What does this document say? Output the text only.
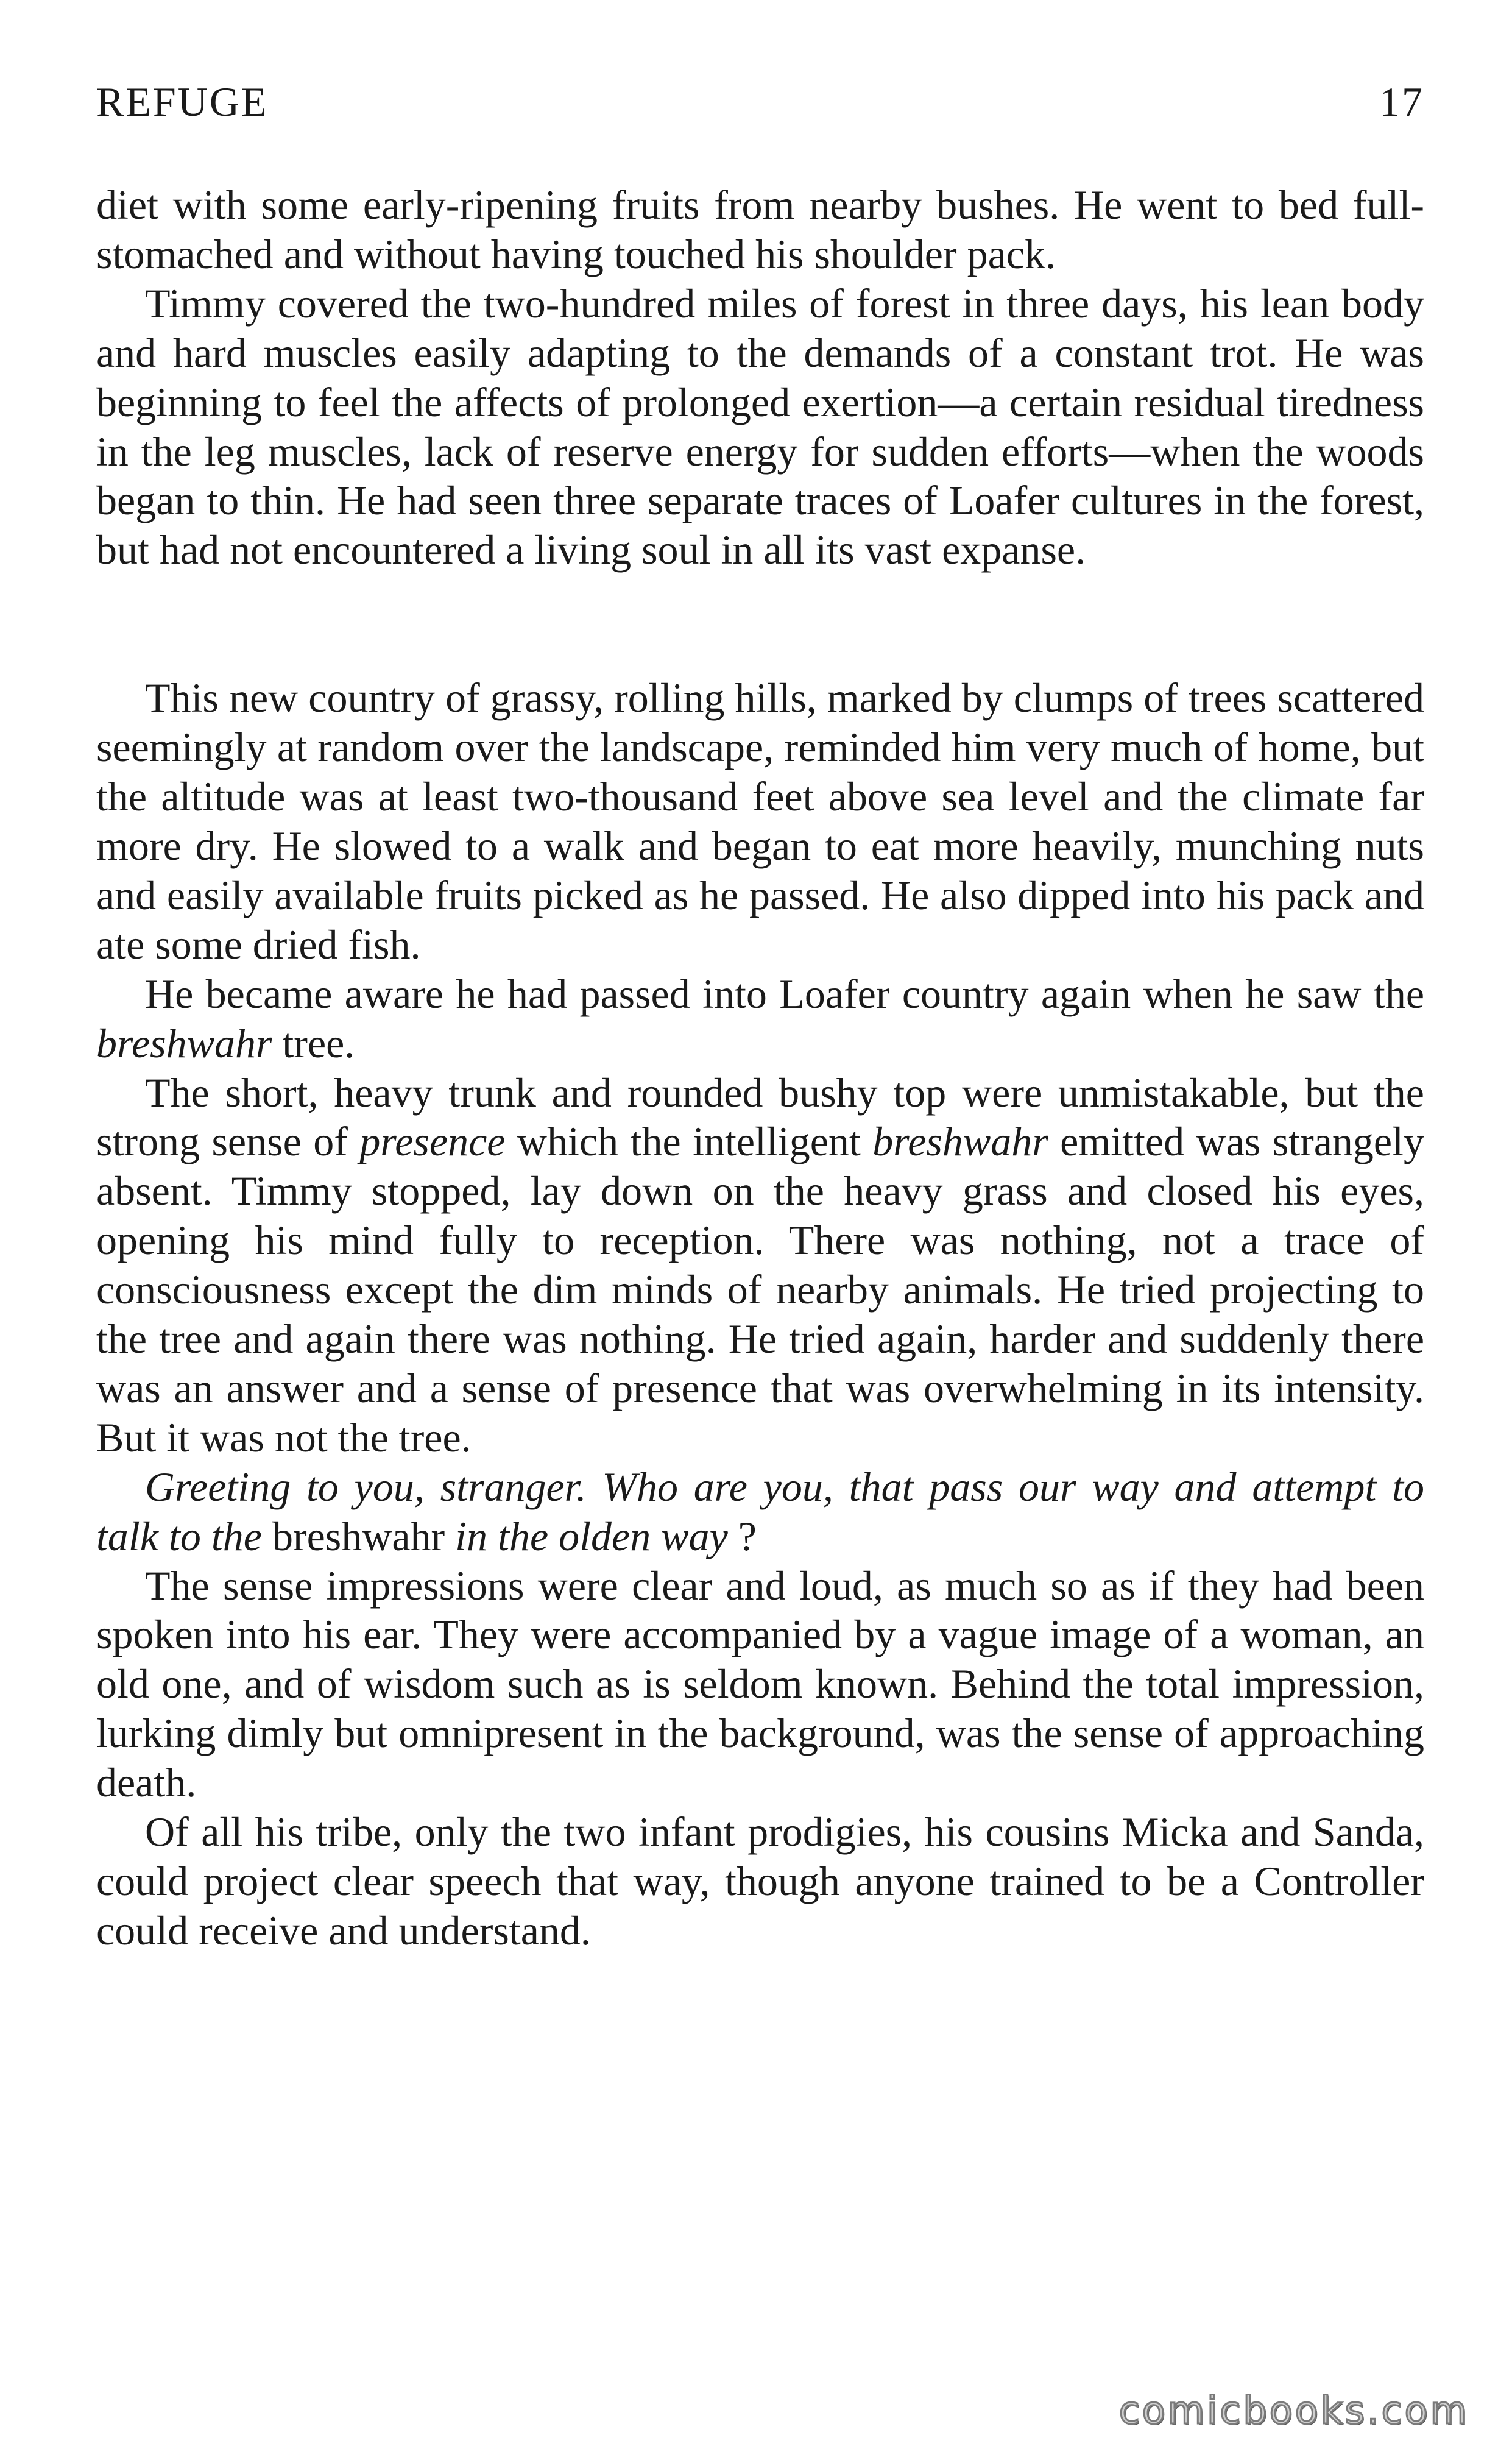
REFUGE	17

diet with some early-ripening fruits from nearby bushes. He went to bed full-stomached and without having touched his shoulder pack.

Timmy covered the two-hundred miles of forest in three days, his lean body and hard muscles easily adapting to the demands of a constant trot. He was beginning to feel the affects of prolonged exertion—a certain residual tiredness in the leg muscles, lack of reserve energy for sudden efforts—when the woods began to thin. He had seen three separate traces of Loafer cultures in the forest, but had not encountered a living soul in all its vast expanse.

This new country of grassy, rolling hills, marked by clumps of trees scattered seemingly at random over the landscape, reminded him very much of home, but the altitude was at least two-thousand feet above sea level and the climate far more dry. He slowed to a walk and began to eat more heavily, munching nuts and easily available fruits picked as he passed. He also dipped into his pack and ate some dried fish.

He became aware he had passed into Loafer country again when he saw the breshwahr tree.

The short, heavy trunk and rounded bushy top were unmistakable, but the strong sense of presence which the intelligent breshwahr emitted was strangely absent. Timmy stopped, lay down on the heavy grass and closed his eyes, opening his mind fully to reception. There was nothing, not a trace of consciousness except the dim minds of nearby animals. He tried projecting to the tree and again there was nothing. He tried again, harder and suddenly there was an answer and a sense of presence that was overwhelming in its intensity. But it was not the tree.

Greeting to you, stranger. Who are you, that pass our way and attempt to talk to the breshwahr in the olden way ?

The sense impressions were clear and loud, as much so as if they had been spoken into his ear. They were accompanied by a vague image of a woman, an old one, and of wisdom such as is seldom known. Behind the total impression, lurking dimly but omnipresent in the background, was the sense of approaching death.

Of all his tribe, only the two infant prodigies, his cousins Micka and Sanda, could project clear speech that way, though anyone trained to be a Controller could receive and understand.

comicbooks.com
